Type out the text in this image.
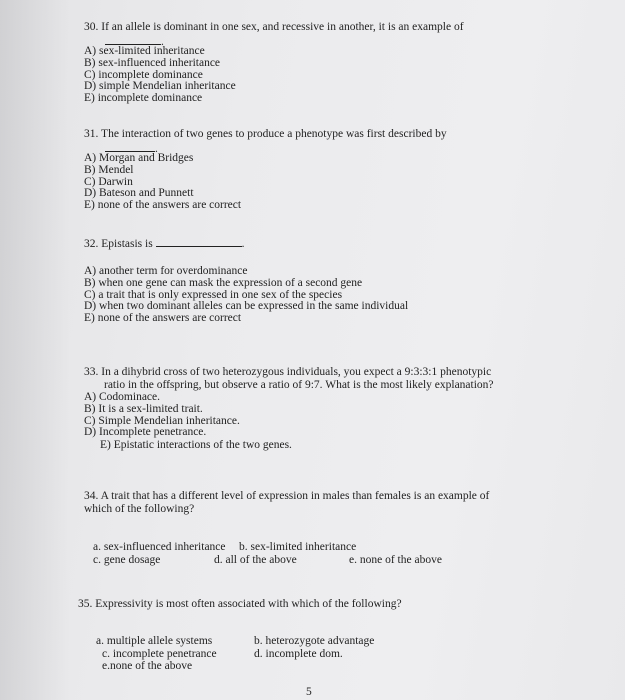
30. If an allele is dominant in one sex, and recessive in another, it is an example of
.
A) sex-limited inheritance
B) sex-influenced inheritance
C) incomplete dominance
D) simple Mendelian inheritance
E) incomplete dominance
31. The interaction of two genes to produce a phenotype was first described by
.
A) Morgan and Bridges
B) Mendel
C) Darwin
D) Bateson and Punnett
E) none of the answers are correct
32. Epistasis is	.
A) another term for overdominance
B) when one gene can mask the expression of a second gene
C) a trait that is only expressed in one sex of the species
D) when two dominant alleles can be expressed in the same individual
E) none of the answers are correct
33. In a dihybrid cross of two heterozygous individuals, you expect a 9:3:3:1 phenotypic
ratio in the offspring, but observe a ratio of 9:7. What is the most likely explanation?
A) Codominace.
B) It is a sex-limited trait.
C) Simple Mendelian inheritance.
D) Incomplete penetrance.
E) Epistatic interactions of the two genes.
34. A trait that has a different level of expression in males than females is an example of
which of the following?
a. sex-influenced inheritance b. sex-limited inheritance
c. gene dosage	d. all of the above	e. none of the above
35. Expressivity is most often associated with which of the following?
a. multiple allele systems	b. heterozygote advantage
c. incomplete penetrance	d. incomplete dom.
e.none of the above
5
